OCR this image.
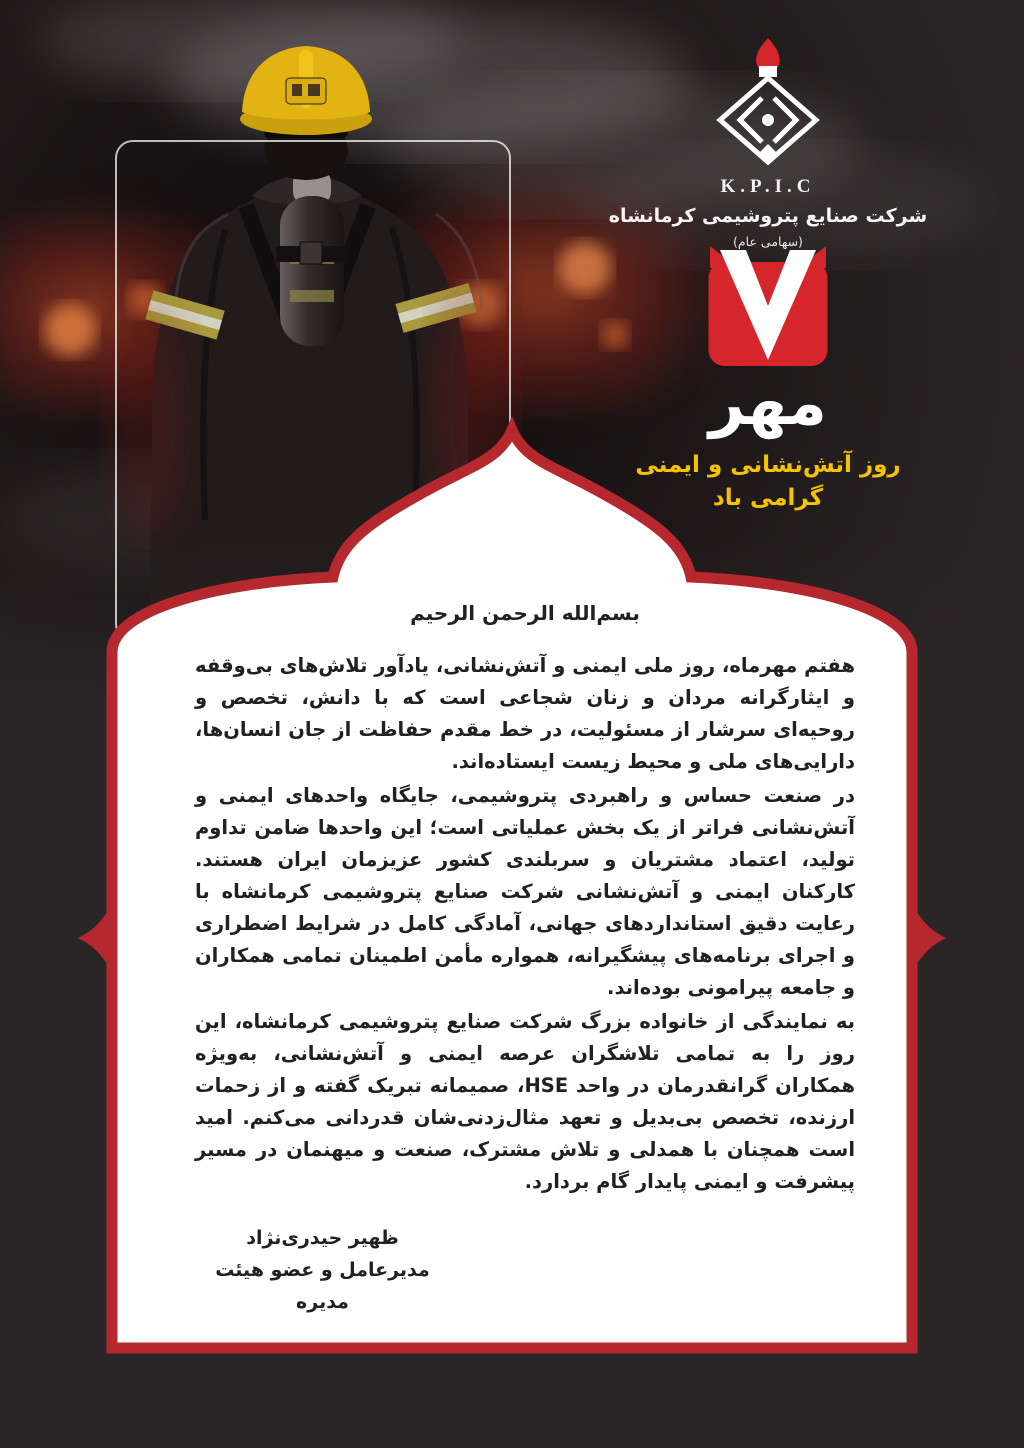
K.P.I.C
شرکت صنایع پتروشیمی کرمانشاه
(سهامی عام)
مهر
روز آتش‌نشانی و ایمنی
گرامی باد
بسم‌الله الرحمن الرحیم

هفتم مهرماه، روز ملی ایمنی و آتش‌نشانی، یادآور تلاش‌های بی‌وقفه و ایثارگرانه مردان و زنان شجاعی است که با دانش، تخصص و روحیه‌ای سرشار از مسئولیت، در خط مقدم حفاظت از جان انسان‌ها، دارایی‌های ملی و محیط زیست ایستاده‌اند.

در صنعت حساس و راهبردی پتروشیمی، جایگاه واحدهای ایمنی و آتش‌نشانی فراتر از یک بخش عملیاتی است؛ این واحدها ضامن تداوم تولید، اعتماد مشتریان و سربلندی کشور عزیزمان ایران هستند. کارکنان ایمنی و آتش‌نشانی شرکت صنایع پتروشیمی کرمانشاه با رعایت دقیق استانداردهای جهانی، آمادگی کامل در شرایط اضطراری و اجرای برنامه‌های پیشگیرانه، همواره مأمن اطمینان تمامی همکاران و جامعه پیرامونی بوده‌اند.

به نمایندگی از خانواده بزرگ شرکت صنایع پتروشیمی کرمانشاه، این روز را به تمامی تلاشگران عرصه ایمنی و آتش‌نشانی، به‌ویژه همکاران گرانقدرمان در واحد HSE، صمیمانه تبریک گفته و از زحمات ارزنده، تخصص بی‌بدیل و تعهد مثال‌زدنی‌شان قدردانی می‌کنم. امید است همچنان با همدلی و تلاش مشترک، صنعت و میهنمان در مسیر پیشرفت و ایمنی پایدار گام بردارد.

ظهیر حیدری‌نژاد
مدیرعامل و عضو هیئت مدیره
